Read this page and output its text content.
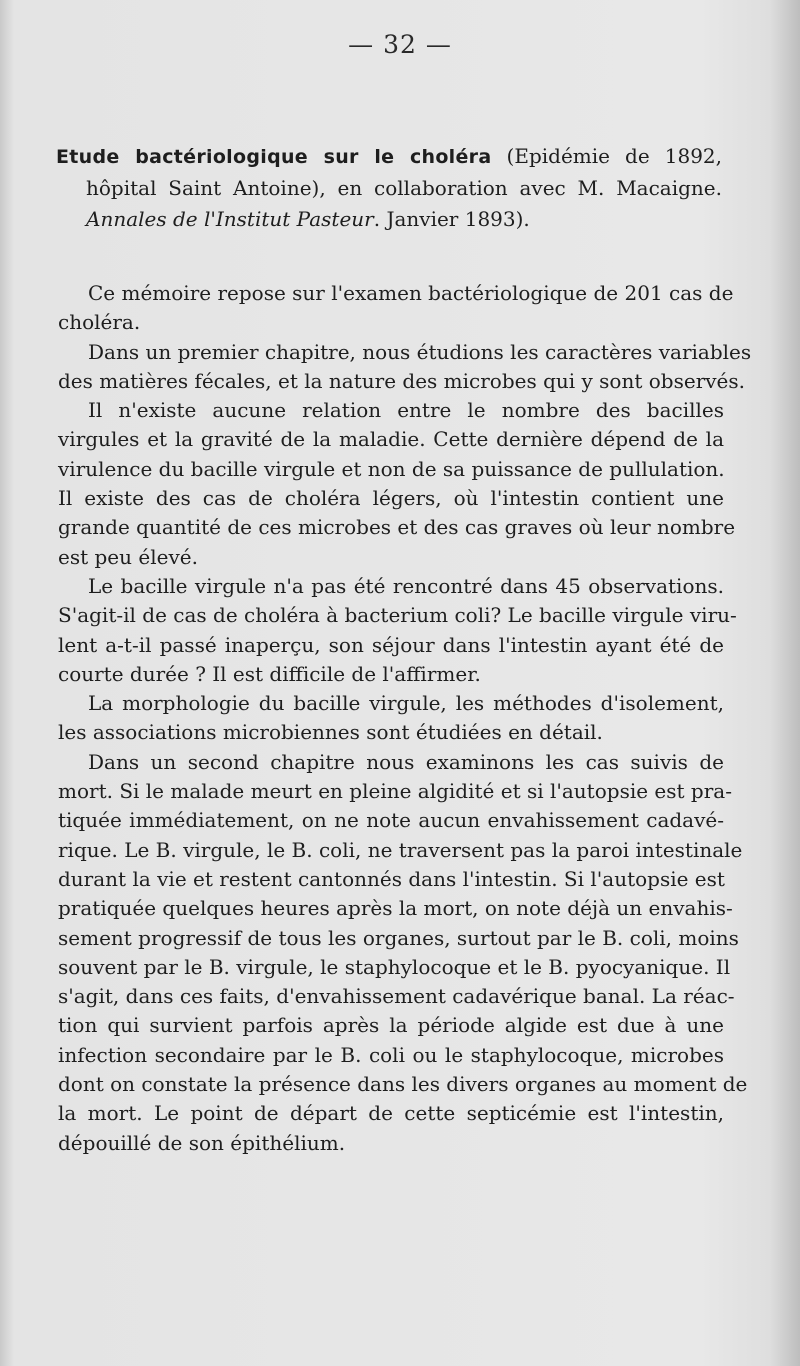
— 32 —
Etude bactériologique sur le choléra (Epidémie de 1892,
hôpital Saint Antoine), en collaboration avec M. Macaigne.
Annales de l'Institut Pasteur. Janvier 1893).
Ce mémoire repose sur l'examen bactériologique de 201 cas de
choléra.
Dans un premier chapitre, nous étudions les caractères variables
des matières fécales, et la nature des microbes qui y sont observés.
Il n'existe aucune relation entre le nombre des bacilles
virgules et la gravité de la maladie. Cette dernière dépend de la
virulence du bacille virgule et non de sa puissance de pullulation.
Il existe des cas de choléra légers, où l'intestin contient une
grande quantité de ces microbes et des cas graves où leur nombre
est peu élevé.
Le bacille virgule n'a pas été rencontré dans 45 observations.
S'agit-il de cas de choléra à bacterium coli? Le bacille virgule viru-
lent a-t-il passé inaperçu, son séjour dans l'intestin ayant été de
courte durée ? Il est difficile de l'affirmer.
La morphologie du bacille virgule, les méthodes d'isolement,
les associations microbiennes sont étudiées en détail.
Dans un second chapitre nous examinons les cas suivis de
mort. Si le malade meurt en pleine algidité et si l'autopsie est pra-
tiquée immédiatement, on ne note aucun envahissement cadavé-
rique. Le B. virgule, le B. coli, ne traversent pas la paroi intestinale
durant la vie et restent cantonnés dans l'intestin. Si l'autopsie est
pratiquée quelques heures après la mort, on note déjà un envahis-
sement progressif de tous les organes, surtout par le B. coli, moins
souvent par le B. virgule, le staphylocoque et le B. pyocyanique. Il
s'agit, dans ces faits, d'envahissement cadavérique banal. La réac-
tion qui survient parfois après la période algide est due à une
infection secondaire par le B. coli ou le staphylocoque, microbes
dont on constate la présence dans les divers organes au moment de
la mort. Le point de départ de cette septicémie est l'intestin,
dépouillé de son épithélium.
